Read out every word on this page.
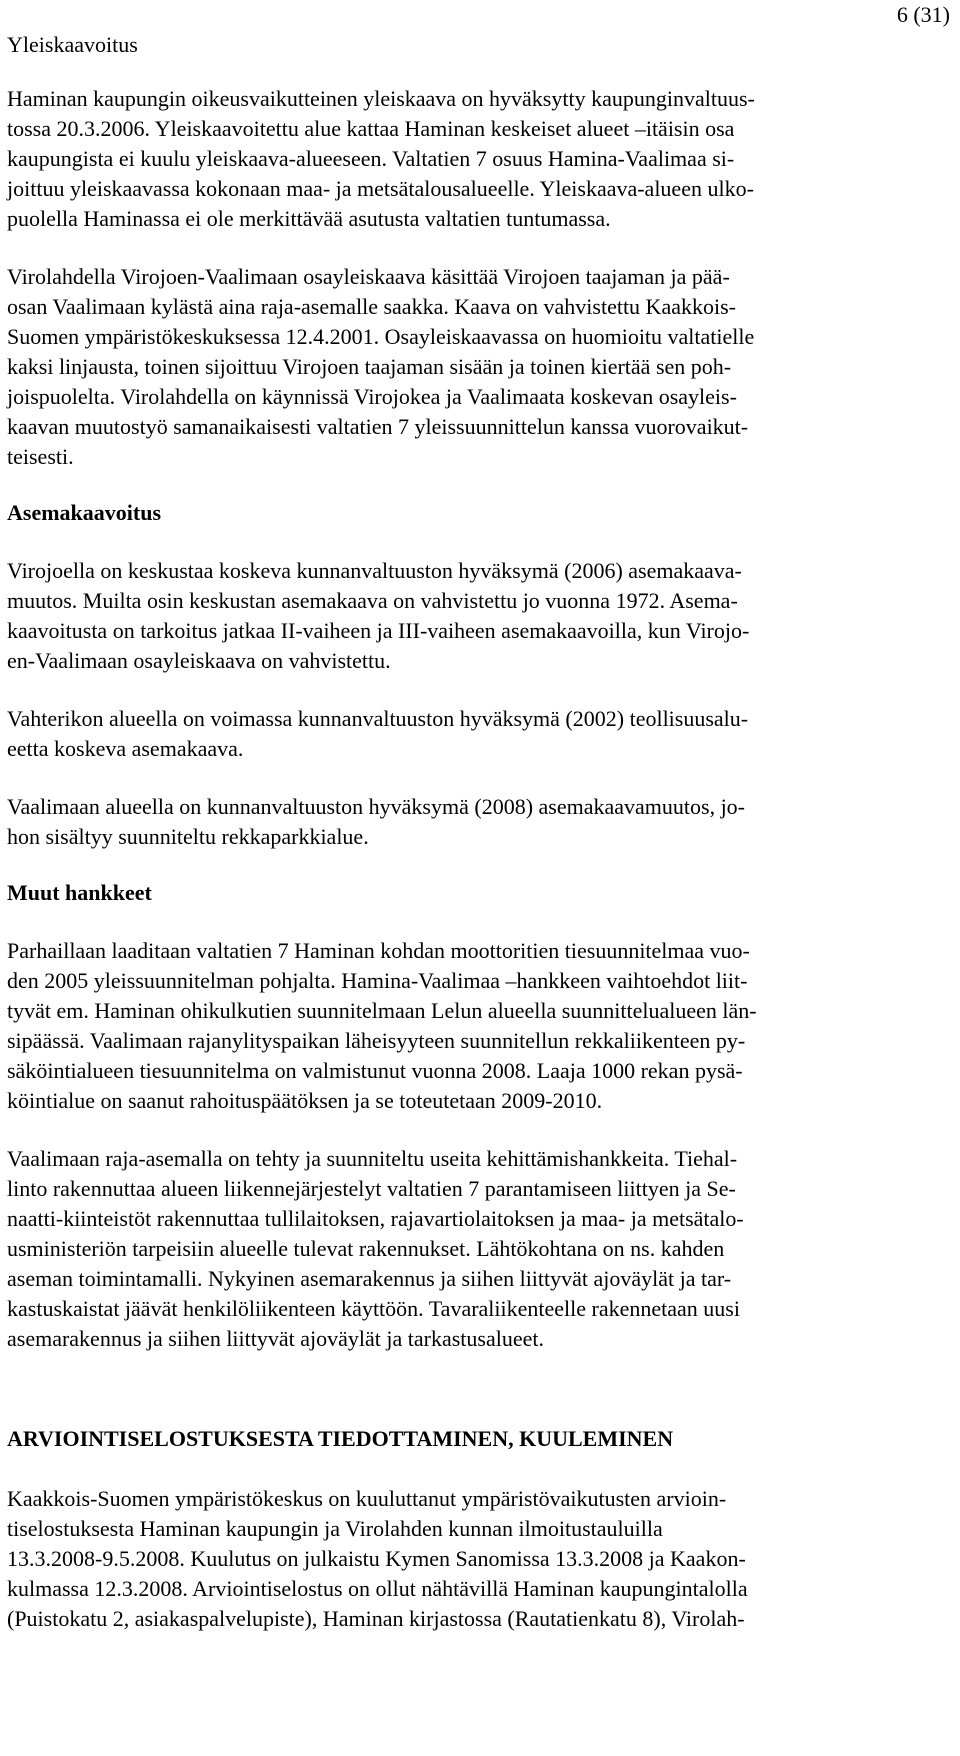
6 (31)
Yleiskaavoitus

Haminan kaupungin oikeusvaikutteinen yleiskaava on hyväksytty kaupunginvaltuus-
tossa 20.3.2006. Yleiskaavoitettu alue kattaa Haminan keskeiset alueet –itäisin osa
kaupungista ei kuulu yleiskaava-alueeseen. Valtatien 7 osuus Hamina-Vaalimaa si-
joittuu yleiskaavassa kokonaan maa- ja metsätalousalueelle. Yleiskaava-alueen ulko-
puolella Haminassa ei ole merkittävää asutusta valtatien tuntumassa.

Virolahdella Virojoen-Vaalimaan osayleiskaava käsittää Virojoen taajaman ja pää-
osan Vaalimaan kylästä aina raja-asemalle saakka. Kaava on vahvistettu Kaakkois-
Suomen ympäristökeskuksessa 12.4.2001. Osayleiskaavassa on huomioitu valtatielle
kaksi linjausta, toinen sijoittuu Virojoen taajaman sisään ja toinen kiertää sen poh-
joispuolelta. Virolahdella on käynnissä Virojokea ja Vaalimaata koskevan osayleis-
kaavan muutostyö samanaikaisesti valtatien 7 yleissuunnittelun kanssa vuorovaikut-
teisesti.

Asemakaavoitus

Virojoella on keskustaa koskeva kunnanvaltuuston hyväksymä (2006) asemakaava-
muutos. Muilta osin keskustan asemakaava on vahvistettu jo vuonna 1972. Asema-
kaavoitusta on tarkoitus jatkaa II-vaiheen ja III-vaiheen asemakaavoilla, kun Virojo-
en-Vaalimaan osayleiskaava on vahvistettu.

Vahterikon alueella on voimassa kunnanvaltuuston hyväksymä (2002) teollisuusalu-
eetta koskeva asemakaava.

Vaalimaan alueella on kunnanvaltuuston hyväksymä (2008) asemakaavamuutos, jo-
hon sisältyy suunniteltu rekkaparkkialue.

Muut hankkeet

Parhaillaan laaditaan valtatien 7 Haminan kohdan moottoritien tiesuunnitelmaa vuo-
den 2005 yleissuunnitelman pohjalta. Hamina-Vaalimaa –hankkeen vaihtoehdot liit-
tyvät em. Haminan ohikulkutien suunnitelmaan Lelun alueella suunnittelualueen län-
sipäässä. Vaalimaan rajanylityspaikan läheisyyteen suunnitellun rekkaliikenteen py-
säköintialueen tiesuunnitelma on valmistunut vuonna 2008. Laaja 1000 rekan pysä-
köintialue on saanut rahoituspäätöksen ja se toteutetaan 2009-2010.

Vaalimaan raja-asemalla on tehty ja suunniteltu useita kehittämishankkeita. Tiehal-
linto rakennuttaa alueen liikennejärjestelyt valtatien 7 parantamiseen liittyen ja Se-
naatti-kiinteistöt rakennuttaa tullilaitoksen, rajavartiolaitoksen ja maa- ja metsätalo-
usministeriön tarpeisiin alueelle tulevat rakennukset. Lähtökohtana on ns. kahden
aseman toimintamalli. Nykyinen asemarakennus ja siihen liittyvät ajoväylät ja tar-
kastuskaistat jäävät henkilöliikenteen käyttöön. Tavaraliikenteelle rakennetaan uusi
asemarakennus ja siihen liittyvät ajoväylät ja tarkastusalueet.

ARVIOINTISELOSTUKSESTA TIEDOTTAMINEN, KUULEMINEN

Kaakkois-Suomen ympäristökeskus on kuuluttanut ympäristövaikutusten arvioin-
tiselostuksesta Haminan kaupungin ja Virolahden kunnan ilmoitustauluilla
13.3.2008-9.5.2008. Kuulutus on julkaistu Kymen Sanomissa 13.3.2008 ja Kaakon-
kulmassa 12.3.2008. Arviointiselostus on ollut nähtävillä Haminan kaupungintalolla
(Puistokatu 2, asiakaspalvelupiste), Haminan kirjastossa (Rautatienkatu 8), Virolah-
